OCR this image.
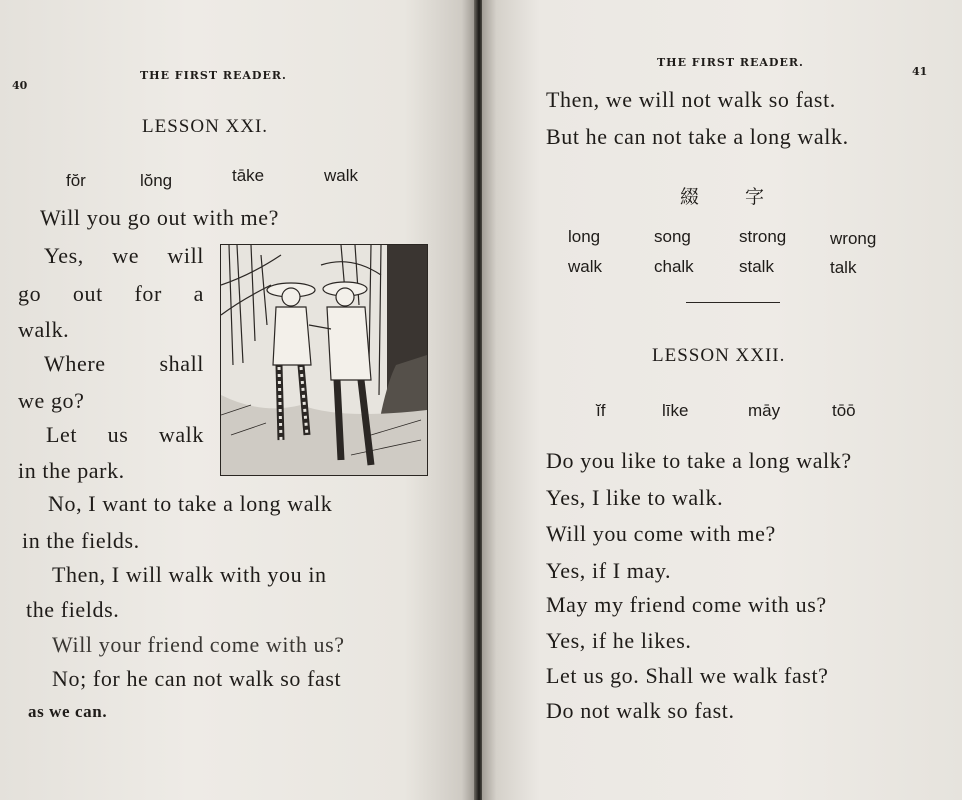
40
THE FIRST READER.
LESSON XXI.
fŏr	lŏng	tāke	walk
Will you go out with me?
Yes, we will
go out for a
walk.
Where shall
we go?
Let us walk
in the park.
No, I want to take a long walk
in the fields.
Then, I will walk with you in
the fields.
Will your friend come with us?
No; for he can not walk so fast
as we can.
THE FIRST READER.
41
Then, we will not walk so fast.
But he can not take a long walk.
綴 字
long	song	strong	wrong
walk	chalk	stalk	talk
LESSON XXII.
ĭf	līke	māy	tōō
Do you like to take a long walk?
Yes, I like to walk.
Will you come with me?
Yes, if I may.
May my friend come with us?
Yes, if he likes.
Let us go. Shall we walk fast?
Do not walk so fast.
